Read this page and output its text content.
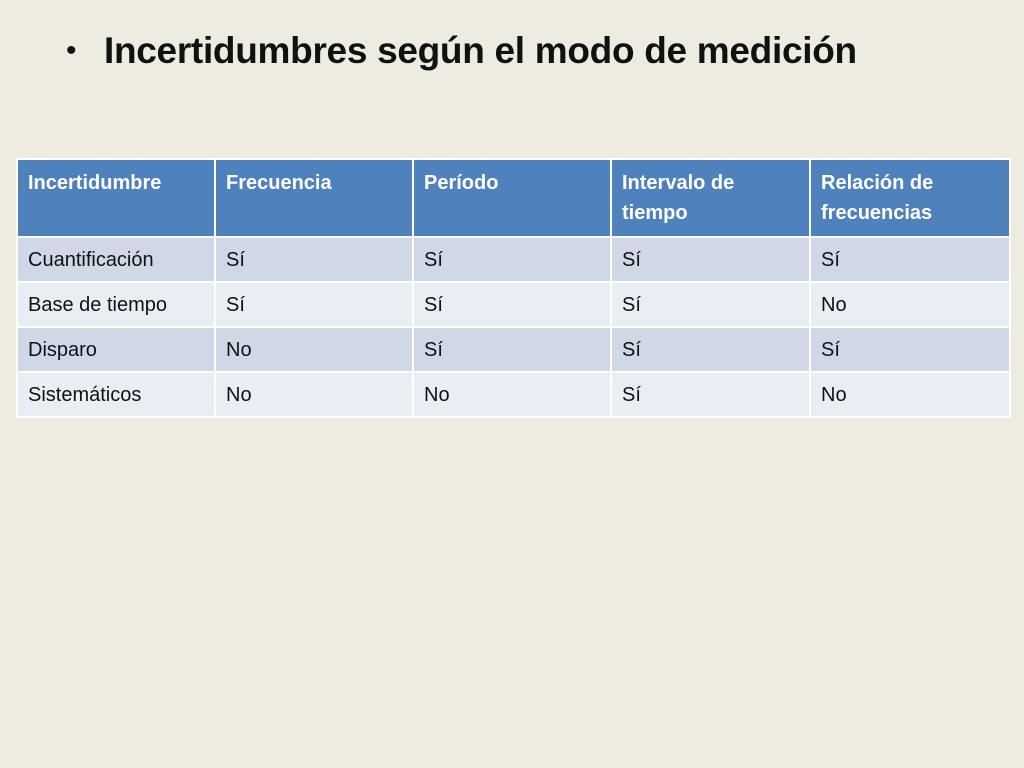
• Incertidumbres según el modo de medición
Incertidumbre	Frecuencia	Período	Intervalo de tiempo	Relación de frecuencias
Cuantificación	Sí	Sí	Sí	Sí
Base de tiempo	Sí	Sí	Sí	No
Disparo	No	Sí	Sí	Sí
Sistemáticos	No	No	Sí	No
